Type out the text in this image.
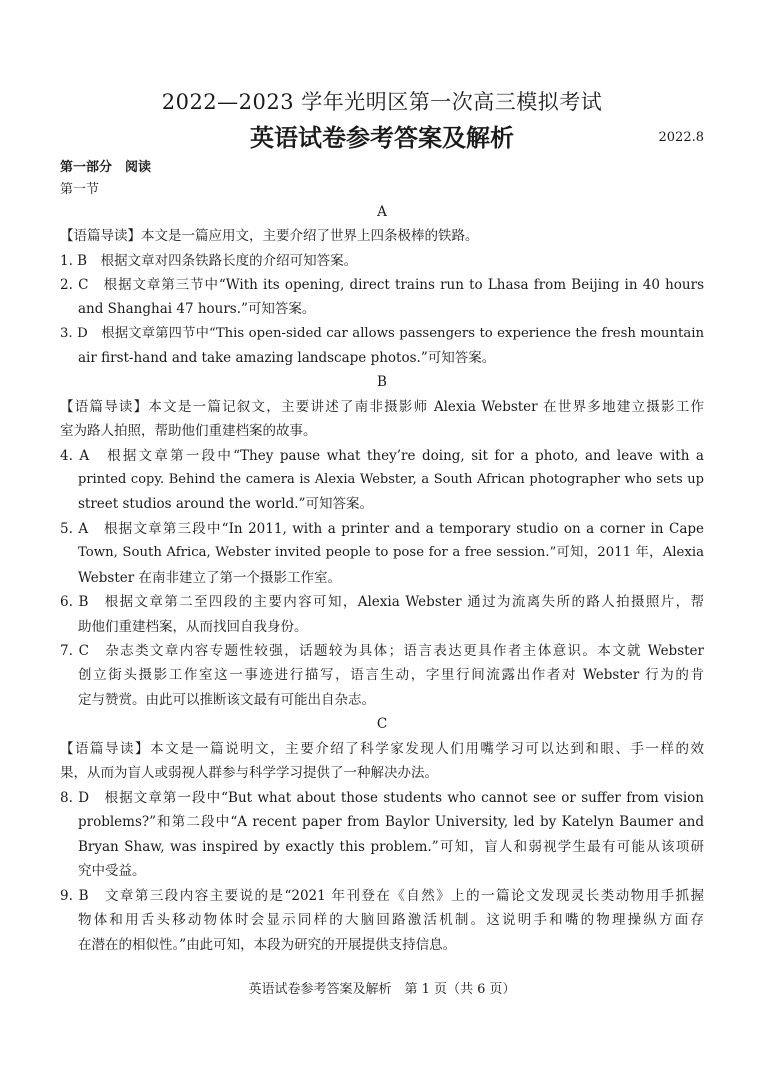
2022—2023 学年光明区第一次高三模拟考试
英语试卷参考答案及解析	2022.8
第一部分　阅读
第一节
A
【语篇导读】本文是一篇应用文，主要介绍了世界上四条极棒的铁路。
1. B　根据文章对四条铁路长度的介绍可知答案。
2. C　根据文章第三节中“With its opening, direct trains run to Lhasa from Beijing in 40 hours
and Shanghai 47 hours.”可知答案。
3. D　根据文章第四节中“This open-sided car allows passengers to experience the fresh mountain
air first-hand and take amazing landscape photos.”可知答案。
B
【语篇导读】本文是一篇记叙文，主要讲述了南非摄影师 Alexia Webster 在世界多地建立摄影工作
室为路人拍照，帮助他们重建档案的故事。
4. A　根据文章第一段中“They pause what they’re doing, sit for a photo, and leave with a
printed copy. Behind the camera is Alexia Webster, a South African photographer who sets up
street studios around the world.”可知答案。
5. A　根据文章第三段中“In 2011, with a printer and a temporary studio on a corner in Cape
Town, South Africa, Webster invited people to pose for a free session.”可知，2011 年，Alexia
Webster 在南非建立了第一个摄影工作室。
6. B　根据文章第二至四段的主要内容可知，Alexia Webster 通过为流离失所的路人拍摄照片，帮
助他们重建档案，从而找回自我身份。
7. C　杂志类文章内容专题性较强，话题较为具体；语言表达更具作者主体意识。本文就 Webster
创立街头摄影工作室这一事迹进行描写，语言生动，字里行间流露出作者对 Webster 行为的肯
定与赞赏。由此可以推断该文最有可能出自杂志。
C
【语篇导读】本文是一篇说明文，主要介绍了科学家发现人们用嘴学习可以达到和眼、手一样的效
果，从而为盲人或弱视人群参与科学学习提供了一种解决办法。
8. D　根据文章第一段中“But what about those students who cannot see or suffer from vision
problems?”和第二段中“A recent paper from Baylor University, led by Katelyn Baumer and
Bryan Shaw, was inspired by exactly this problem.”可知，盲人和弱视学生最有可能从该项研
究中受益。
9. B　文章第三段内容主要说的是“2021 年刊登在《自然》上的一篇论文发现灵长类动物用手抓握
物体和用舌头移动物体时会显示同样的大脑回路激活机制。这说明手和嘴的物理操纵方面存
在潜在的相似性。”由此可知，本段为研究的开展提供支持信息。
英语试卷参考答案及解析　第 1 页（共 6 页）
